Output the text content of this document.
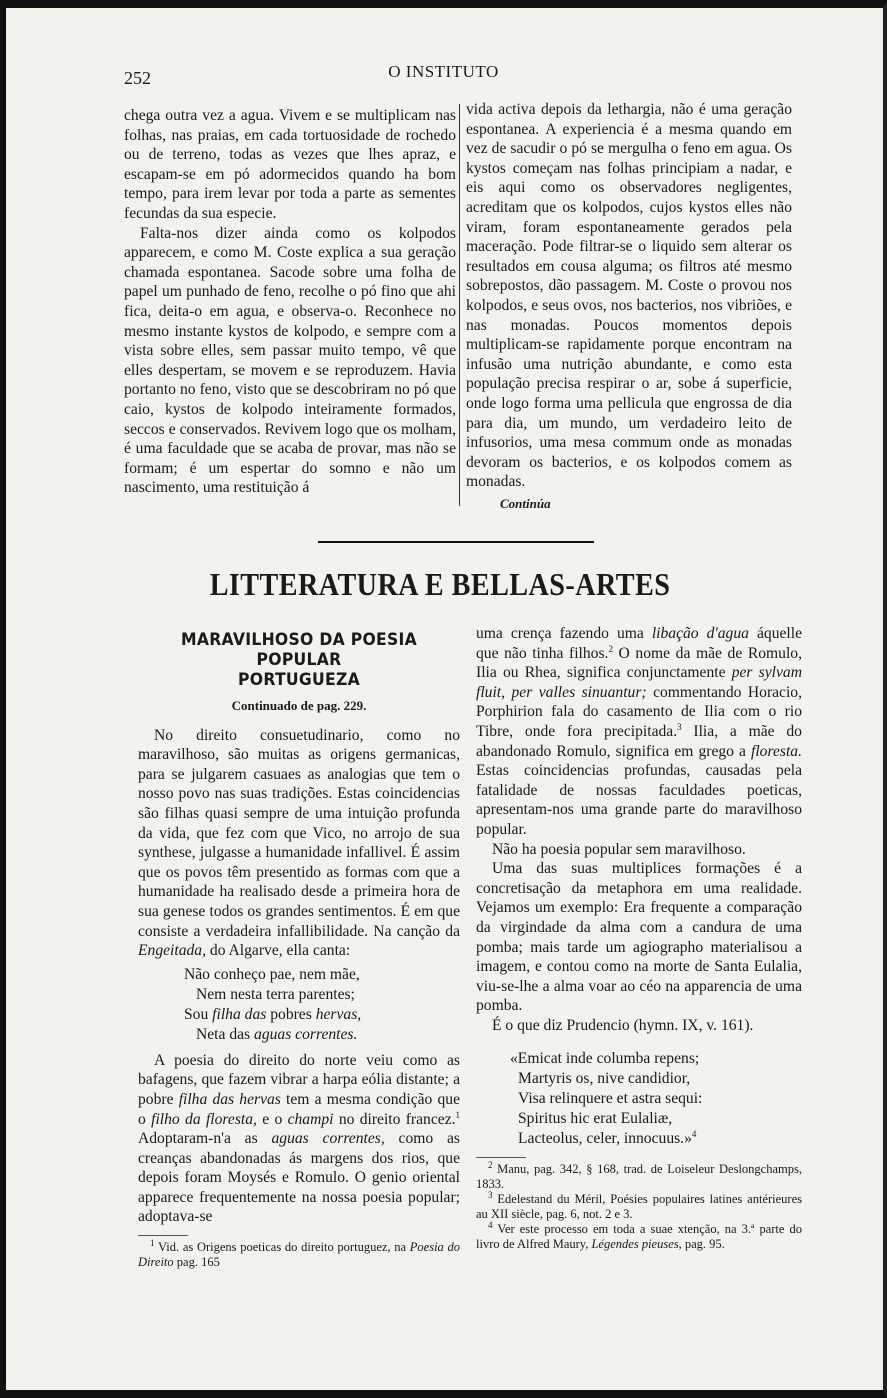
252	O INSTITUTO

chega outra vez a agua. Vivem e se multiplicam nas folhas, nas praias, em cada tortuosidade de rochedo ou de terreno, todas as vezes que lhes apraz, e escapam-se em pó adormecidos quando ha bom tempo, para irem levar por toda a parte as sementes fecundas da sua especie.

Falta-nos dizer ainda como os kolpodos apparecem, e como M. Coste explica a sua geração chamada espontanea. Sacode sobre uma folha de papel um punhado de feno, recolhe o pó fino que ahi fica, deita-o em agua, e observa-o. Reconhece no mesmo instante kystos de kolpodo, e sempre com a vista sobre elles, sem passar muito tempo, vê que elles despertam, se movem e se reproduzem. Havia portanto no feno, visto que se descobriram no pó que caio, kystos de kolpodo inteiramente formados, seccos e conservados. Revivem logo que os molham, é uma faculdade que se acaba de provar, mas não se formam; é um espertar do somno e não um nascimento, uma restituição á

vida activa depois da lethargia, não é uma geração espontanea. A experiencia é a mesma quando em vez de sacudir o pó se mergulha o feno em agua. Os kystos começam nas folhas principiam a nadar, e eis aqui como os observadores negligentes, acreditam que os kolpodos, cujos kystos elles não viram, foram espontaneamente gerados pela maceração. Pode filtrar-se o liquido sem alterar os resultados em cousa alguma; os filtros até mesmo sobrepostos, dão passagem. M. Coste o provou nos kolpodos, e seus ovos, nos bacterios, nos vibriões, e nas monadas. Poucos momentos depois multiplicam-se rapidamente porque encontram na infusão uma nutrição abundante, e como esta população precisa respirar o ar, sobe á superficie, onde logo forma uma pellicula que engrossa de dia para dia, um mundo, um verdadeiro leito de infusorios, uma mesa commum onde as monadas devoram os bacterios, e os kolpodos comem as monadas.

Continúa
LITTERATURA E BELLAS-ARTES
MARAVILHOSO DA POESIA POPULAR
PORTUGUEZA
Continuado de pag. 229.

No direito consuetudinario, como no maravilhoso, são muitas as origens germanicas, para se julgarem casuaes as analogias que tem o nosso povo nas suas tradições. Estas coincidencias são filhas quasi sempre de uma intuição profunda da vida, que fez com que Vico, no arrojo de sua synthese, julgasse a humanidade infallivel. É assim que os povos têm presentido as formas com que a humanidade ha realisado desde a primeira hora de sua genese todos os grandes sentimentos. É em que consiste a verdadeira infallibilidade. Na canção da Engeitada, do Algarve, ella canta:

Não conheço pae, nem mãe,
Nem nesta terra parentes;
Sou filha das pobres hervas,
Neta das aguas correntes.

A poesia do direito do norte veiu como as bafagens, que fazem vibrar a harpa eólia distante; a pobre filha das hervas tem a mesma condição que o filho da floresta, e o champi no direito francez.$^1$ Adoptaram-n'a as aguas correntes, como as creanças abandonadas ás margens dos rios, que depois foram Moysés e Romulo. O genio oriental apparece frequentemente na nossa poesia popular; adoptava-se

$^1$ Vid. as Origens poeticas do direito portuguez, na Poesia do Direito pag. 165

uma crença fazendo uma libação d'agua áquelle que não tinha filhos.$^2$ O nome da mãe de Romulo, Ilia ou Rhea, significa conjunctamente per sylvam fluit, per valles sinuantur; commentando Horacio, Porphirion fala do casamento de Ilia com o rio Tibre, onde fora precipitada.$^3$ Ilia, a mãe do abandonado Romulo, significa em grego a floresta. Estas coincidencias profundas, causadas pela fatalidade de nossas faculdades poeticas, apresentam-nos uma grande parte do maravilhoso popular.

Não ha poesia popular sem maravilhoso.

Uma das suas multiplices formações é a concretisação da metaphora em uma realidade. Vejamos um exemplo: Era frequente a comparação da virgindade da alma com a candura de uma pomba; mais tarde um agiographo materialisou a imagem, e contou como na morte de Santa Eulalia, viu-se-lhe a alma voar ao céo na apparencia de uma pomba.

É o que diz Prudencio (hymn. IX, v. 161).

«Emicat inde columba repens;
Martyris os, nive candidior,
Visa relinquere et astra sequi:
Spiritus hic erat Eulaliæ,
Lacteolus, celer, innocuus.»$^4$

$^2$ Manu, pag. 342, § 168, trad. de Loiseleur Deslongchamps, 1833.

$^3$ Edelestand du Méril, Poésies populaires latines antérieures au XII siècle, pag. 6, not. 2 e 3.

$^4$ Ver este processo em toda a suae xtenção, na 3.ª parte do livro de Alfred Maury, Légendes pieuses, pag. 95.
